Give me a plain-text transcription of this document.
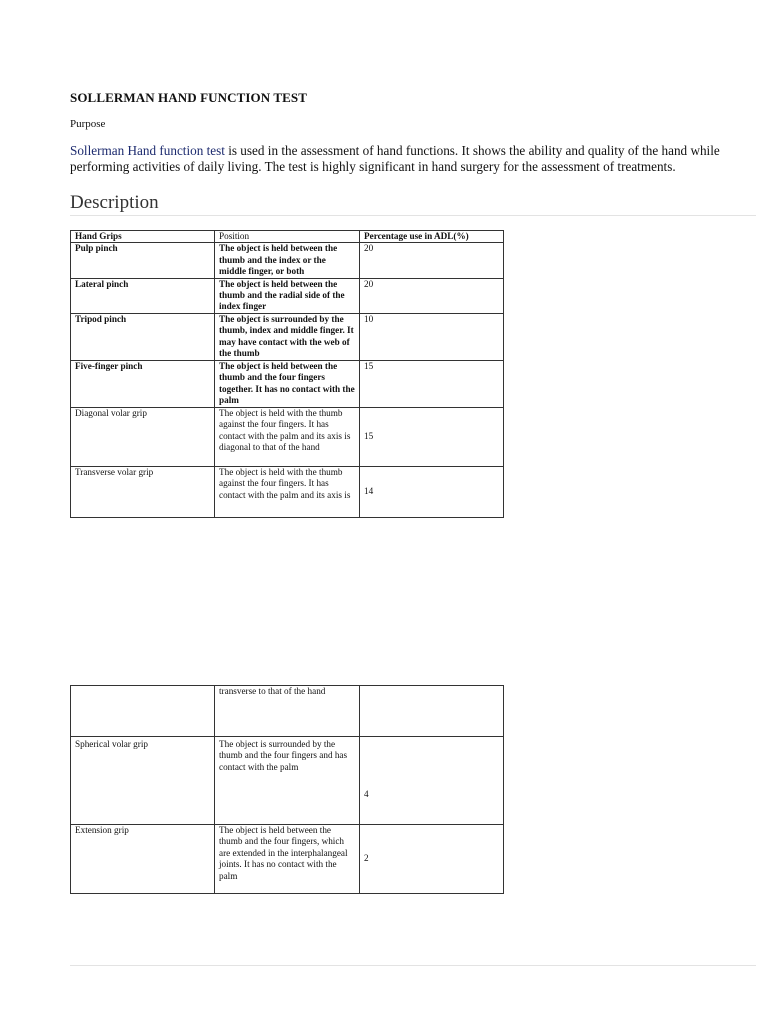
SOLLERMAN HAND FUNCTION TEST
Purpose
Sollerman Hand function test is used in the assessment of hand functions. It shows the ability and quality of the hand while
performing activities of daily living. The test is highly significant in hand surgery for the assessment of treatments.
Description
Hand Grips	Position	Percentage use in ADL(%)
Pulp pinch	The object is held between the thumb and the index or the middle finger, or both	20
Lateral pinch	The object is held between the thumb and the radial side of the index finger	20
Tripod pinch	The object is surrounded by the thumb, index and middle finger. It may have contact with the web of the thumb	10
Five-finger pinch	The object is held between the thumb and the four fingers together. It has no contact with the palm	15
Diagonal volar grip	The object is held with the thumb against the four fingers. It has contact with the palm and its axis is diagonal to that of the hand	15
Transverse volar grip	The object is held with the thumb against the four fingers. It has contact with the palm and its axis is	14
	transverse to that of the hand	
Spherical volar grip	The object is surrounded by the thumb and the four fingers and has contact with the palm	4
Extension grip	The object is held between the thumb and the four fingers, which are extended in the interphalangeal joints. It has no contact with the palm	2
